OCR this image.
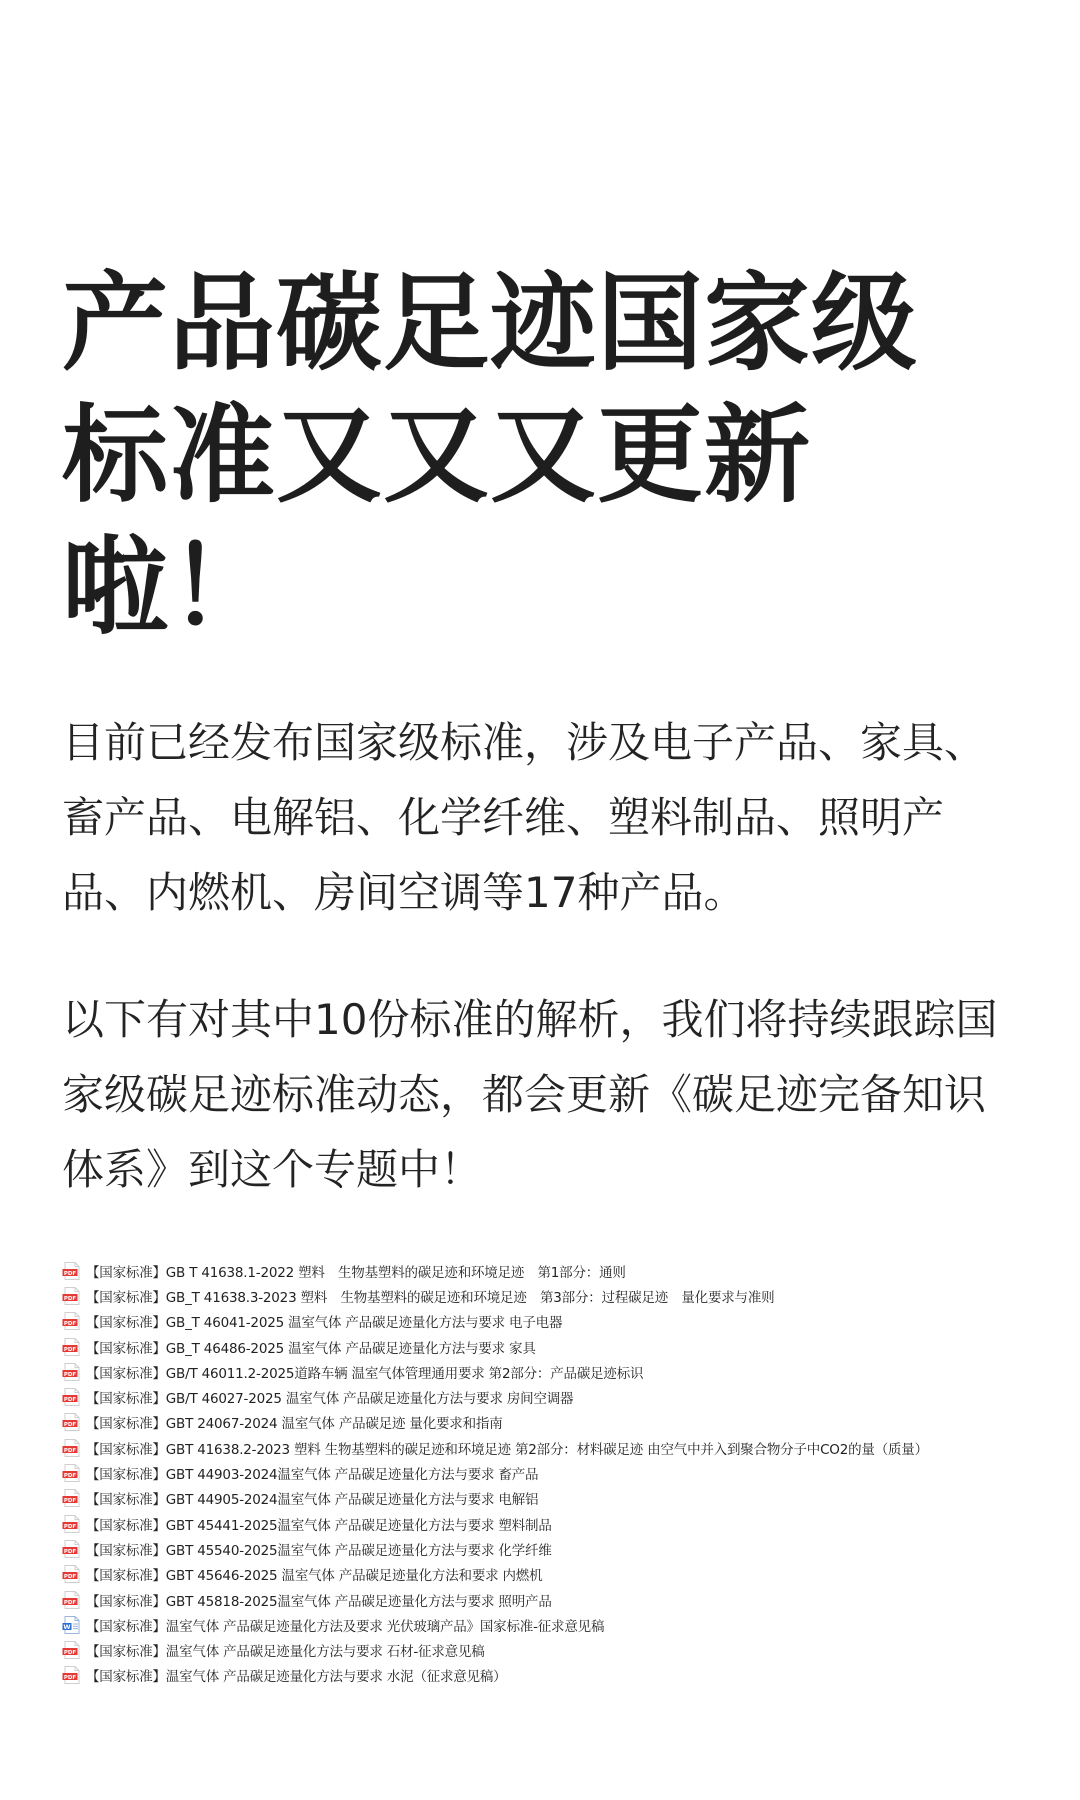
产品碳足迹国家级
标准又又又更新
啦！

目前已经发布国家级标准，涉及电子产品、家具、
畜产品、电解铝、化学纤维、塑料制品、照明产
品、内燃机、房间空调等17种产品。

以下有对其中10份标准的解析，我们将持续跟踪国
家级碳足迹标准动态，都会更新《碳足迹完备知识
体系》到这个专题中！

PDF 【国家标准】GB T 41638.1-2022 塑料　生物基塑料的碳足迹和环境足迹　第1部分：通则
PDF 【国家标准】GB_T 41638.3-2023 塑料　生物基塑料的碳足迹和环境足迹　第3部分：过程碳足迹　量化要求与准则
PDF 【国家标准】GB_T 46041-2025 温室气体 产品碳足迹量化方法与要求 电子电器
PDF 【国家标准】GB_T 46486-2025 温室气体 产品碳足迹量化方法与要求 家具
PDF 【国家标准】GB/T 46011.2-2025道路车辆 温室气体管理通用要求 第2部分：产品碳足迹标识
PDF 【国家标准】GB/T 46027-2025 温室气体 产品碳足迹量化方法与要求 房间空调器
PDF 【国家标准】GBT 24067-2024 温室气体 产品碳足迹 量化要求和指南
PDF 【国家标准】GBT 41638.2-2023 塑料 生物基塑料的碳足迹和环境足迹 第2部分：材料碳足迹 由空气中并入到聚合物分子中CO2的量（质量）
PDF 【国家标准】GBT 44903-2024温室气体 产品碳足迹量化方法与要求 畜产品
PDF 【国家标准】GBT 44905-2024温室气体 产品碳足迹量化方法与要求 电解铝
PDF 【国家标准】GBT 45441-2025温室气体 产品碳足迹量化方法与要求 塑料制品
PDF 【国家标准】GBT 45540-2025温室气体 产品碳足迹量化方法与要求 化学纤维
PDF 【国家标准】GBT 45646-2025 温室气体 产品碳足迹量化方法和要求 内燃机
PDF 【国家标准】GBT 45818-2025温室气体 产品碳足迹量化方法与要求 照明产品
W 【国家标准】温室气体 产品碳足迹量化方法及要求 光伏玻璃产品》国家标准-征求意见稿
PDF 【国家标准】温室气体 产品碳足迹量化方法与要求 石材-征求意见稿
PDF 【国家标准】温室气体 产品碳足迹量化方法与要求 水泥（征求意见稿）
